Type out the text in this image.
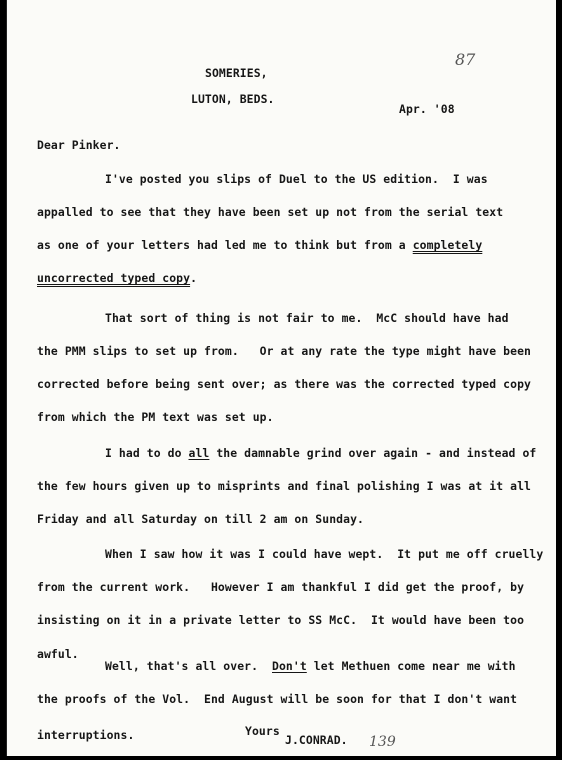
87
SOMERIES,
LUTON, BEDS.
Apr. '08
Dear Pinker.
I've posted you slips of Duel to the US edition.  I was
appalled to see that they have been set up not from the serial text
as one of your letters had led me to think but from a completely
uncorrected typed copy.
That sort of thing is not fair to me.  McC should have had
the PMM slips to set up from.   Or at any rate the type might have been
corrected before being sent over; as there was the corrected typed copy
from which the PM text was set up.
I had to do all the damnable grind over again - and instead of
the few hours given up to misprints and final polishing I was at it all
Friday and all Saturday on till 2 am on Sunday.
When I saw how it was I could have wept.  It put me off cruelly
from the current work.   However I am thankful I did get the proof, by
insisting on it in a private letter to SS McC.  It would have been too
awful.
Well, that's all over.  Don't let Methuen come near me with
the proofs of the Vol.  End August will be soon for that I don't want
interruptions.	Yours
J.CONRAD. 139
